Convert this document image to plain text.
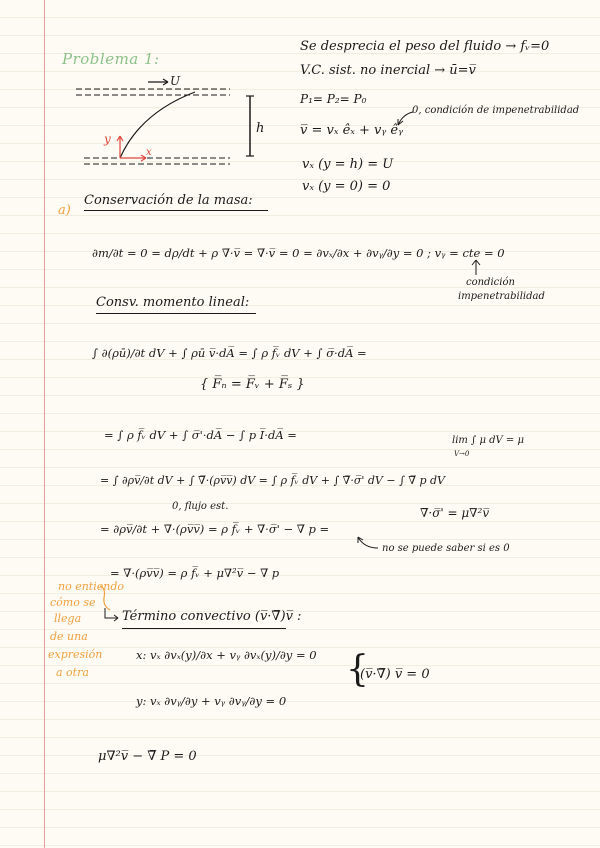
Problema 1:
Se desprecia el peso del fluido → fᵥ=0
V.C. sist. no inercial → ū=v̅
U
x
y
h
P₁= P₂= P₀
v̅ = vₓ êₓ + vᵧ êᵧ
0, condición de impenetrabilidad
vₓ (y = h) = U
vₓ (y = 0) = 0
a)
Conservación de la masa:
∂m/∂t = 0 = dρ/dt + ρ ∇̅·v̅ = ∇̅·v̅ = 0 = ∂vₓ/∂x + ∂vᵧ/∂y = 0 ; vᵧ = cte = 0
condición
impenetrabilidad
Consv. momento lineal:
∫ ∂(ρū)/∂t dV + ∫ ρū v̅·dA̅ = ∫ ρ f̅ᵥ dV + ∫ σ̅·dA̅ =
{ F̅ₙ = F̅ᵥ + F̅ₛ }
= ∫ ρ f̅ᵥ dV + ∫ σ̅'·dA̅ − ∫ p I̅·dA̅ =	lim ∫ μ dV = μ
V→0
= ∫ ∂ρv̅/∂t dV + ∫ ∇̅·(ρv̅v̅) dV = ∫ ρ f̅ᵥ dV + ∫ ∇̅·σ̅' dV − ∫ ∇̅ p dV
0, flujo est.	∇̅·σ̅' = μ∇²v̅
= ∂ρv̅/∂t + ∇̅·(ρv̅v̅) = ρ f̅ᵥ + ∇̅·σ̅' − ∇̅ p =
no se puede saber si es 0
= ∇̅·(ρv̅v̅) = ρ f̅ᵥ + μ∇²v̅ − ∇̅ p
no entiendo
cómo se
llega
de una
expresión
a otra
Término convectivo (v̅·∇̅)v̅ :
x: vₓ ∂vₓ(y)/∂x + vᵧ ∂vₓ(y)/∂y = 0
y: vₓ ∂vᵧ/∂y + vᵧ ∂vᵧ/∂y = 0
{
(v̅·∇̅) v̅ = 0
μ∇²v̅ − ∇̅ P = 0
